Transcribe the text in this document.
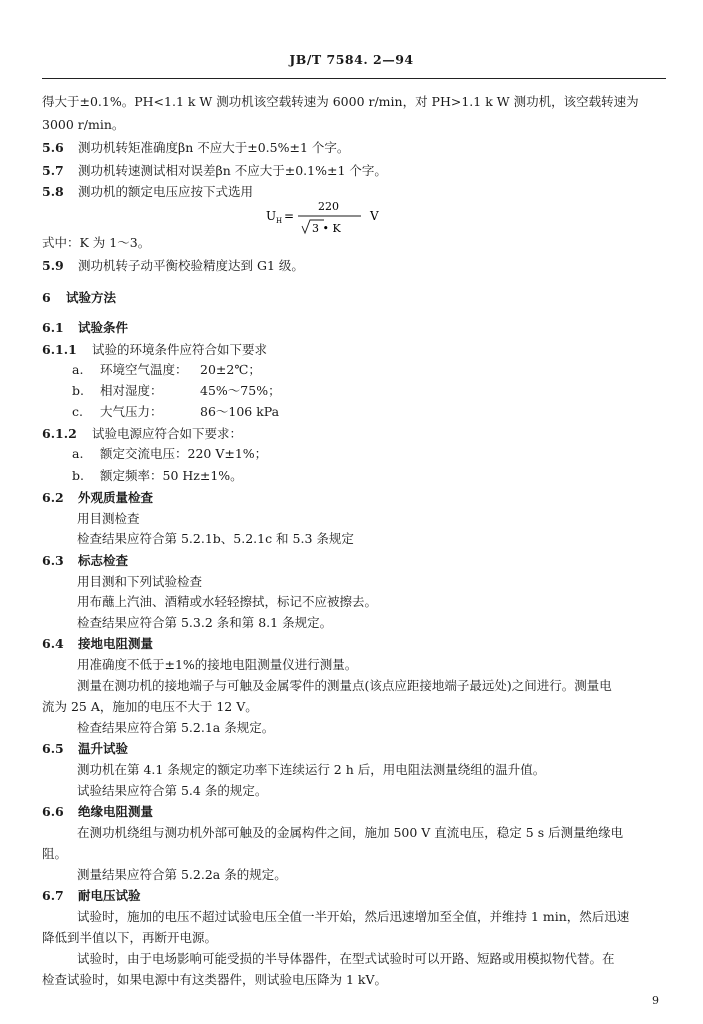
JB/T 7584. 2—94
得大于±0.1%。PH<1.1 k W 测功机该空载转速为 6000 r/min，对 PH>1.1 k W 测功机，该空载转速为
3000 r/min。
5.6 测功机转矩准确度βn 不应大于±0.5%±1 个字。
5.7 测功机转速测试相对误差βn 不应大于±0.1%±1 个字。
5.8 测功机的额定电压应按下式选用
U H =
220
3 • K
V
式中：K 为 1～3。
5.9 测功机转子动平衡校验精度达到 G1 级。
6 试验方法
6.1 试验条件
6.1.1 试验的环境条件应符合如下要求
a. 环境空气温度： 20±2℃；
b. 相对湿度：	45%～75%；
c. 大气压力：	86～106 kPa
6.1.2 试验电源应符合如下要求：
a. 额定交流电压：220 V±1%；
b. 额定频率：50 Hz±1%。
6.2 外观质量检查
用目测检查
检查结果应符合第 5.2.1b、5.2.1c 和 5.3 条规定
6.3 标志检查
用目测和下列试验检查
用布蘸上汽油、酒精或水轻轻擦拭，标记不应被擦去。
检查结果应符合第 5.3.2 条和第 8.1 条规定。
6.4 接地电阻测量
用准确度不低于±1%的接地电阻测量仪进行测量。
测量在测功机的接地端子与可触及金属零件的测量点(该点应距接地端子最远处)之间进行。测量电
流为 25 A，施加的电压不大于 12 V。
检查结果应符合第 5.2.1a 条规定。
6.5 温升试验
测功机在第 4.1 条规定的额定功率下连续运行 2 h 后，用电阻法测量绕组的温升值。
试验结果应符合第 5.4 条的规定。
6.6 绝缘电阻测量
在测功机绕组与测功机外部可触及的金属构件之间，施加 500 V 直流电压，稳定 5 s 后测量绝缘电
阻。
测量结果应符合第 5.2.2a 条的规定。
6.7 耐电压试验
试验时，施加的电压不超过试验电压全值一半开始，然后迅速增加至全值，并维持 1 min，然后迅速
降低到半值以下，再断开电源。
试验时，由于电场影响可能受损的半导体器件，在型式试验时可以开路、短路或用模拟物代替。在
检查试验时，如果电源中有这类器件，则试验电压降为 1 kV。
9
